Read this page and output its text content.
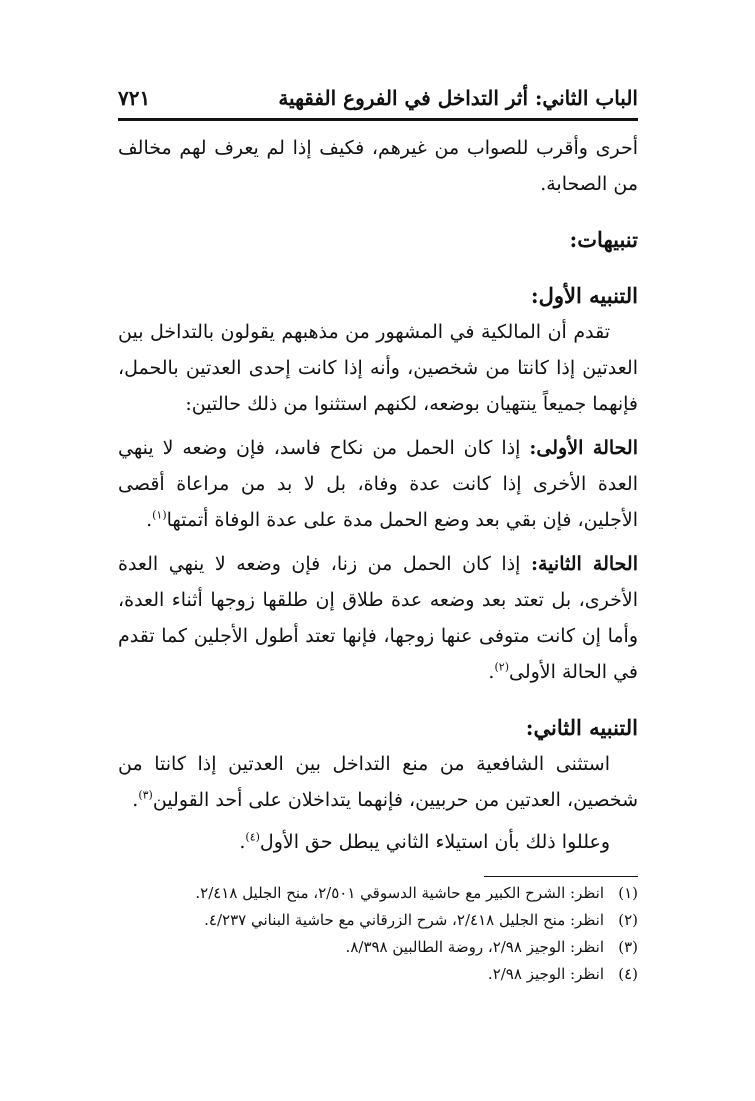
الباب الثاني: أثر التداخل في الفروع الفقهية
٧٢١

أحرى وأقرب للصواب من غيرهم، فكيف إذا لم يعرف لهم مخالف من الصحابة.

تنبيهات:

التنبيه الأول:

تقدم أن المالكية في المشهور من مذهبهم يقولون بالتداخل بين العدتين إذا كانتا من شخصين، وأنه إذا كانت إحدى العدتين بالحمل، فإنهما جميعاً ينتهيان بوضعه، لكنهم استثنوا من ذلك حالتين:

الحالة الأولى: إذا كان الحمل من نكاح فاسد، فإن وضعه لا ينهي العدة الأخرى إذا كانت عدة وفاة، بل لا بد من مراعاة أقصى الأجلين، فإن بقي بعد وضع الحمل مدة على عدة الوفاة أتمتها$^{(١)}$.

الحالة الثانية: إذا كان الحمل من زنا، فإن وضعه لا ينهي العدة الأخرى، بل تعتد بعد وضعه عدة طلاق إن طلقها زوجها أثناء العدة، وأما إن كانت متوفى عنها زوجها، فإنها تعتد أطول الأجلين كما تقدم في الحالة الأولى$^{(٢)}$.

التنبيه الثاني:

استثنى الشافعية من منع التداخل بين العدتين إذا كانتا من شخصين، العدتين من حربيين، فإنهما يتداخلان على أحد القولين$^{(٣)}$.

وعللوا ذلك بأن استيلاء الثاني يبطل حق الأول$^{(٤)}$.

(١)
انظر: الشرح الكبير مع حاشية الدسوقي ٢/٥٠١، منح الجليل ٢/٤١٨.
(٢)
انظر: منح الجليل ٢/٤١٨، شرح الزرقاني مع حاشية البناني ٤/٢٣٧.
(٣)
انظر: الوجيز ٢/٩٨، روضة الطالبين ٨/٣٩٨.
(٤)
انظر: الوجيز ٢/٩٨.
